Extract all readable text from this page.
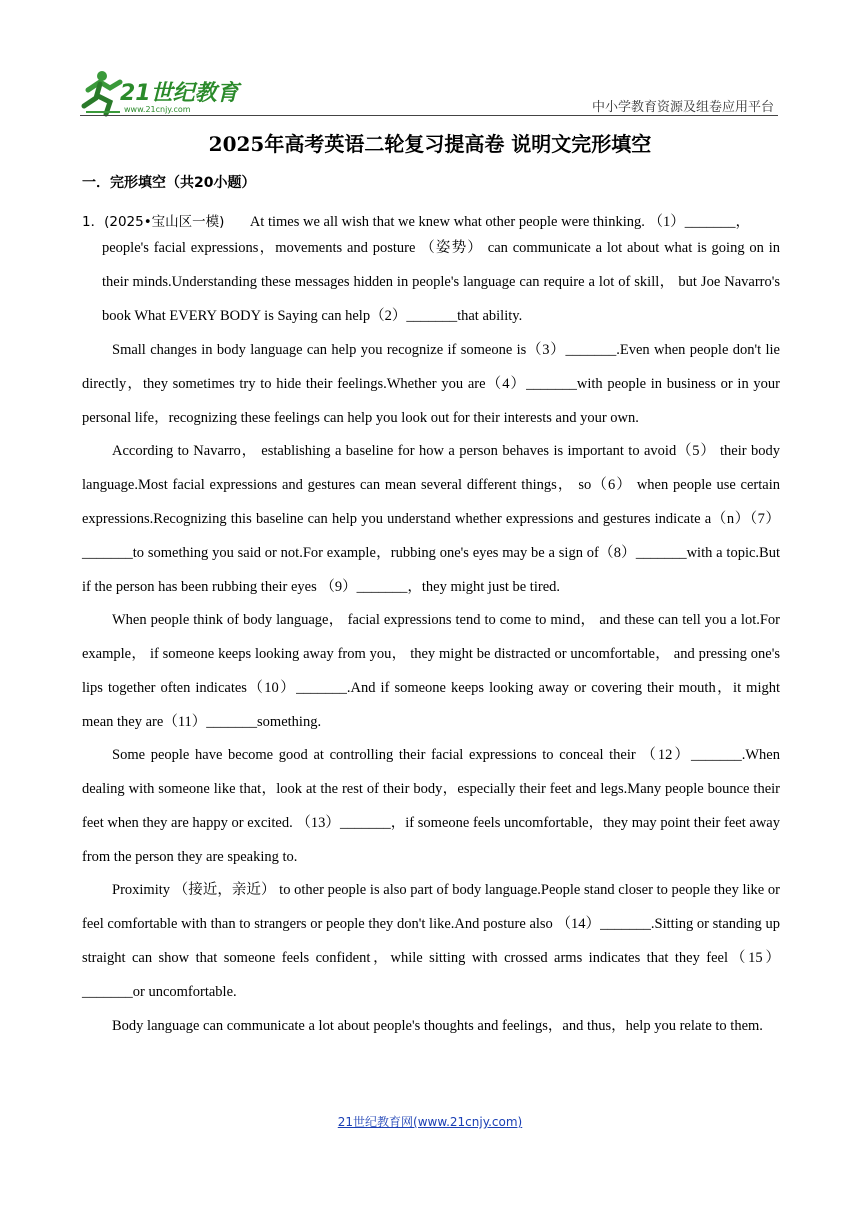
21世纪教育
www.21cnjy.com	中小学教育资源及组卷应用平台
2025年高考英语二轮复习提高卷 说明文完形填空
一．完形填空（共20小题）
1．(2025•宝山区一模) At times we all wish that we knew what other people were thinking. （1）_______，
people's facial expressions，movements and posture （姿势） can communicate a lot about what is going on in their minds.Understanding these messages hidden in people's language can require a lot of skill， but Joe Navarro's book What EVERY BODY is Saying can help（2）_______that ability.
Small changes in body language can help you recognize if someone is（3）_______.Even when people don't lie directly，they sometimes try to hide their feelings.Whether you are（4）_______with people in business or in your personal life，recognizing these feelings can help you look out for their interests and your own.
According to Navarro， establishing a baseline for how a person behaves is important to avoid（5） their body language.Most facial expressions and gestures can mean several different things， so（6） when people use certain expressions.Recognizing this baseline can help you understand whether expressions and gestures indicate a（n）（7）_______to something you said or not.For example，rubbing one's eyes may be a sign of（8）_______with a topic.But if the person has been rubbing their eyes （9）_______，they might just be tired.
When people think of body language， facial expressions tend to come to mind， and these can tell you a lot.For example， if someone keeps looking away from you， they might be distracted or uncomfortable， and pressing one's lips together often indicates（10）_______.And if someone keeps looking away or covering their mouth，it might mean they are（11）_______something.
Some people have become good at controlling their facial expressions to conceal their （12）_______.When dealing with someone like that，look at the rest of their body，especially their feet and legs.Many people bounce their feet when they are happy or excited. （13）_______，if someone feels uncomfortable，they may point their feet away from the person they are speaking to.
Proximity （接近，亲近） to other people is also part of body language.People stand closer to people they like or feel comfortable with than to strangers or people they don't like.And posture also （14）_______.Sitting or standing up straight can show that someone feels confident，while sitting with crossed arms indicates that they feel（15）_______or uncomfortable.
Body language can communicate a lot about people's thoughts and feelings，and thus，help you relate to them.
21世纪教育网(www.21cnjy.com)
